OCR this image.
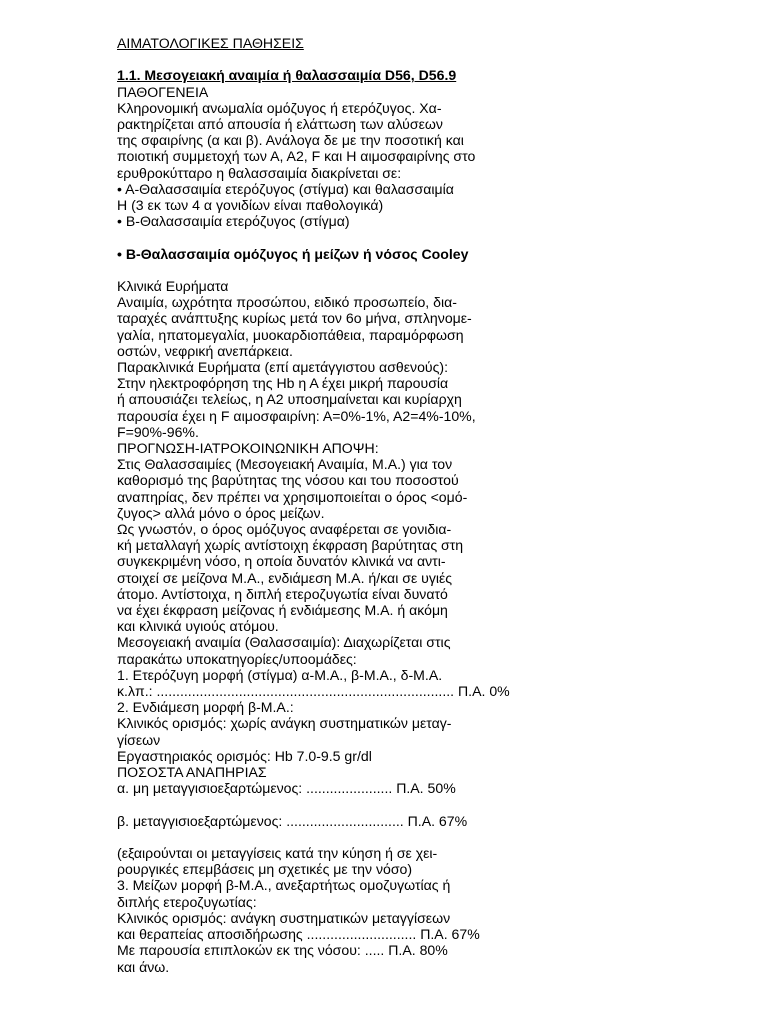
ΑΙΜΑΤΟΛΟΓΙΚΕΣ ΠΑΘΗΣΕΙΣ
1.1. Μεσογειακή αναιμία ή θαλασσαιμία D56, D56.9
ΠΑΘΟΓΕΝΕΙΑ
Κληρονομική ανωμαλία ομόζυγος ή ετερόζυγος. Χα-
ρακτηρίζεται από απουσία ή ελάττωση των αλύσεων
της σφαιρίνης (α και β). Ανάλογα δε με την ποσοτική και
ποιοτική συμμετοχή των Α, Α2, F και Η αιμοσφαιρίνης στο
ερυθροκύτταρο η θαλασσαιμία διακρίνεται σε:
• Α-Θαλασσαιμία ετερόζυγος (στίγμα) και θαλασσαιμία
Η (3 εκ των 4 α γονιδίων είναι παθολογικά)
• Β-Θαλασσαιμία ετερόζυγος (στίγμα)
• Β-Θαλασσαιμία ομόζυγος ή μείζων ή νόσος Cooley
Κλινικά Ευρήματα
Αναιμία, ωχρότητα προσώπου, ειδικό προσωπείο, δια-
ταραχές ανάπτυξης κυρίως μετά τον 6ο μήνα, σπληνομε-
γαλία, ηπατομεγαλία, μυοκαρδιοπάθεια, παραμόρφωση
οστών, νεφρική ανεπάρκεια.
Παρακλινικά Ευρήματα (επί αμετάγγιστου ασθενούς):
Στην ηλεκτροφόρηση της Hb η Α έχει μικρή παρουσία
ή απουσιάζει τελείως, η Α2 υποσημαίνεται και κυρίαρχη
παρουσία έχει η F αιμοσφαιρίνη: Α=0%-1%, Α2=4%-10%,
F=90%-96%.
ΠΡΟΓΝΩΣΗ-ΙΑΤΡΟΚΟΙΝΩΝΙΚΗ ΑΠΟΨΗ:
Στις Θαλασσαιμίες (Μεσογειακή Αναιμία, Μ.Α.) για τον
καθορισμό της βαρύτητας της νόσου και του ποσοστού
αναπηρίας, δεν πρέπει να χρησιμοποιείται ο όρος <ομό-
ζυγος> αλλά μόνο ο όρος μείζων.
Ως γνωστόν, ο όρος ομόζυγος αναφέρεται σε γονιδια-
κή μεταλλαγή χωρίς αντίστοιχη έκφραση βαρύτητας στη
συγκεκριμένη νόσο, η οποία δυνατόν κλινικά να αντι-
στοιχεί σε μείζονα Μ.Α., ενδιάμεση Μ.Α. ή/και σε υγιές
άτομο. Αντίστοιχα, η διπλή ετεροζυγωτία είναι δυνατό
να έχει έκφραση μείζονας ή ενδιάμεσης Μ.Α. ή ακόμη
και κλινικά υγιούς ατόμου.
Μεσογειακή αναιμία (Θαλασσαιμία): Διαχωρίζεται στις
παρακάτω υποκατηγορίες/υποομάδες:
1. Ετερόζυγη μορφή (στίγμα) α-Μ.Α., β-Μ.Α., δ-Μ.Α.
κ.λπ.: ............................................................................ Π.Α. 0%
2. Ενδιάμεση μορφή β-Μ.Α.:
Κλινικός ορισμός: χωρίς ανάγκη συστηματικών μεταγ-
γίσεων
Εργαστηριακός ορισμός: Hb 7.0-9.5 gr/dl
ΠΟΣΟΣΤΑ ΑΝΑΠΗΡΙΑΣ
α. μη μεταγγισιοεξαρτώμενος: ...................... Π.Α. 50%
β. μεταγγισιοεξαρτώμενος: .............................. Π.Α. 67%
(εξαιρούνται οι μεταγγίσεις κατά την κύηση ή σε χει-
ρουργικές επεμβάσεις μη σχετικές με την νόσο)
3. Μείζων μορφή β-Μ.Α., ανεξαρτήτως ομοζυγωτίας ή
διπλής ετεροζυγωτίας:
Κλινικός ορισμός: ανάγκη συστηματικών μεταγγίσεων
και θεραπείας αποσιδήρωσης ............................ Π.Α. 67%
Με παρουσία επιπλοκών εκ της νόσου: ..... Π.Α. 80%
και άνω.
